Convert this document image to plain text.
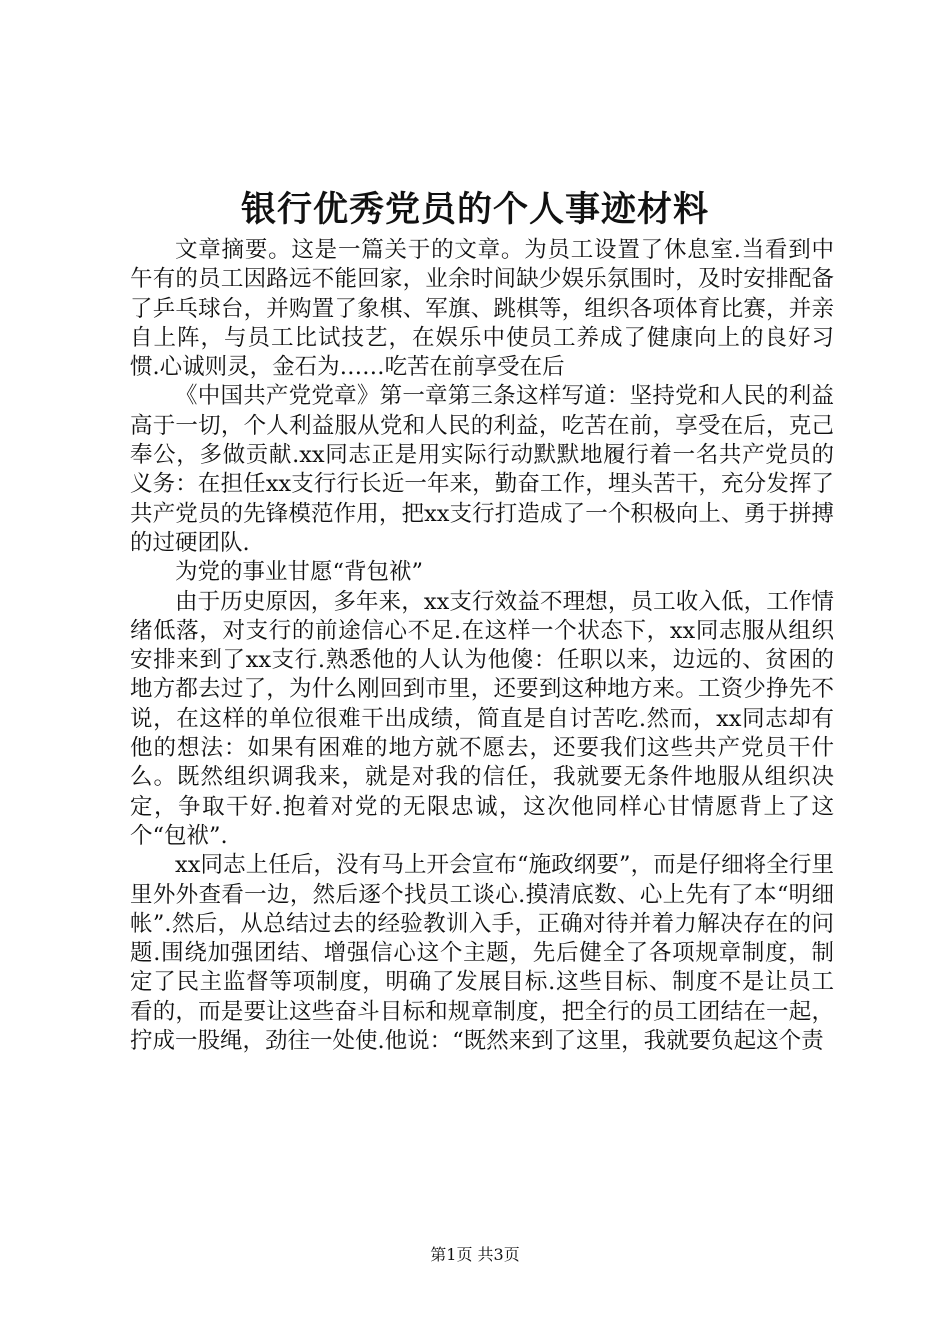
银行优秀党员的个人事迹材料

文章摘要。这是一篇关于的文章。为员工设置了休息室.当看到中午有的员工因路远不能回家，业余时间缺少娱乐氛围时，及时安排配备了乒乓球台，并购置了象棋、军旗、跳棋等，组织各项体育比赛，并亲自上阵，与员工比试技艺，在娱乐中使员工养成了健康向上的良好习惯.心诚则灵，金石为……吃苦在前享受在后

《中国共产党党章》第一章第三条这样写道：坚持党和人民的利益高于一切，个人利益服从党和人民的利益，吃苦在前，享受在后，克己奉公，多做贡献.xx同志正是用实际行动默默地履行着一名共产党员的义务：在担任xx支行行长近一年来，勤奋工作，埋头苦干，充分发挥了共产党员的先锋模范作用，把xx支行打造成了一个积极向上、勇于拼搏的过硬团队.

为党的事业甘愿“背包袱”

由于历史原因，多年来，xx支行效益不理想，员工收入低，工作情绪低落，对支行的前途信心不足.在这样一个状态下，xx同志服从组织安排来到了xx支行.熟悉他的人认为他傻：任职以来，边远的、贫困的地方都去过了，为什么刚回到市里，还要到这种地方来。工资少挣先不说，在这样的单位很难干出成绩，简直是自讨苦吃.然而，xx同志却有他的想法：如果有困难的地方就不愿去，还要我们这些共产党员干什么。既然组织调我来，就是对我的信任，我就要无条件地服从组织决定，争取干好.抱着对党的无限忠诚，这次他同样心甘情愿背上了这个“包袱”.

xx同志上任后，没有马上开会宣布“施政纲要”，而是仔细将全行里里外外查看一边，然后逐个找员工谈心.摸清底数、心上先有了本“明细帐”.然后，从总结过去的经验教训入手，正确对待并着力解决存在的问题.围绕加强团结、增强信心这个主题，先后健全了各项规章制度，制定了民主监督等项制度，明确了发展目标.这些目标、制度不是让员工看的，而是要让这些奋斗目标和规章制度，把全行的员工团结在一起，拧成一股绳，劲往一处使.他说：“既然来到了这里，我就要负起这个责

第1页 共3页
